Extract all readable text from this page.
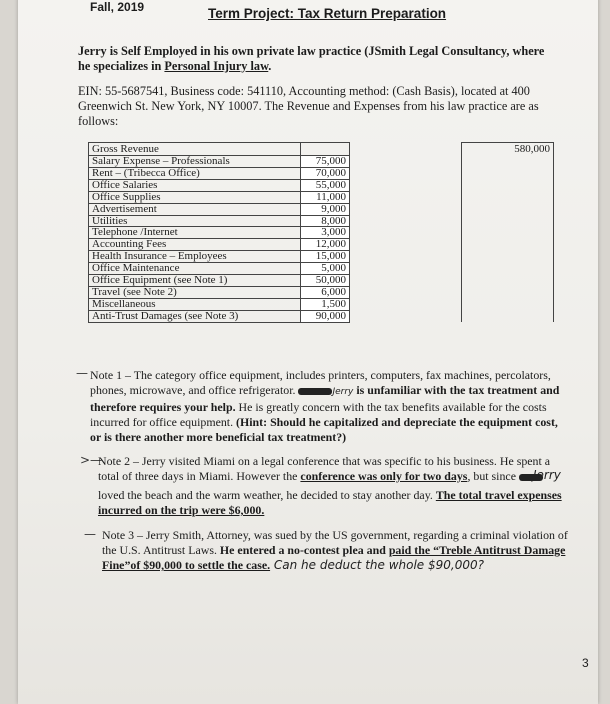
Fall, 2019	Term Project: Tax Return Preparation
Jerry is Self Employed in his own private law practice (JSmith Legal Consultancy, where he specializes in Personal Injury law.
EIN: 55-5687541, Business code: 541110, Accounting method: (Cash Basis), located at 400 Greenwich St. New York, NY 10007. The Revenue and Expenses from his law practice are as follows:
Gross Revenue			580,000
Salary Expense – Professionals	75,000		
Rent – (Tribecca Office)	70,000		
Office Salaries	55,000		
Office Supplies	11,000		
Advertisement	9,000		
Utilities	8,000		
Telephone /Internet	3,000		
Accounting Fees	12,000		
Health Insurance – Employees	15,000		
Office Maintenance	5,000		
Office Equipment (see Note 1)	50,000		
Travel (see Note 2)	6,000		
Miscellaneous	1,500		
Anti-Trust Damages (see Note 3)	90,000		
— Note 1 – The category office equipment, includes printers, computers, fax machines, percolators, phones, microwave, and office refrigerator.	Jerry is unfamiliar with the tax treatment and therefore requires your help. He is greatly concern with the tax benefits available for the costs incurred for office equipment. (Hint: Should he capitalized and depreciate the equipment cost, or is there another more beneficial tax treatment?)
>—
Note 2 – Jerry visited Miami on a legal conference that was specific to his business. He spent a total of three days in Miami. However the conference was only for two days, but since  loved the beach and the warm weather, he decided to stay another day. The total travel expenses incurred on the trip were $6,000.
Jerry
— Note 3 – Jerry Smith, Attorney, was sued by the US government, regarding a criminal violation of the U.S. Antitrust Laws. He entered a no-contest plea and paid the “Treble Antitrust Damage Fine”of $90,000 to settle the case. Can he deduct the whole $90,000?
3
